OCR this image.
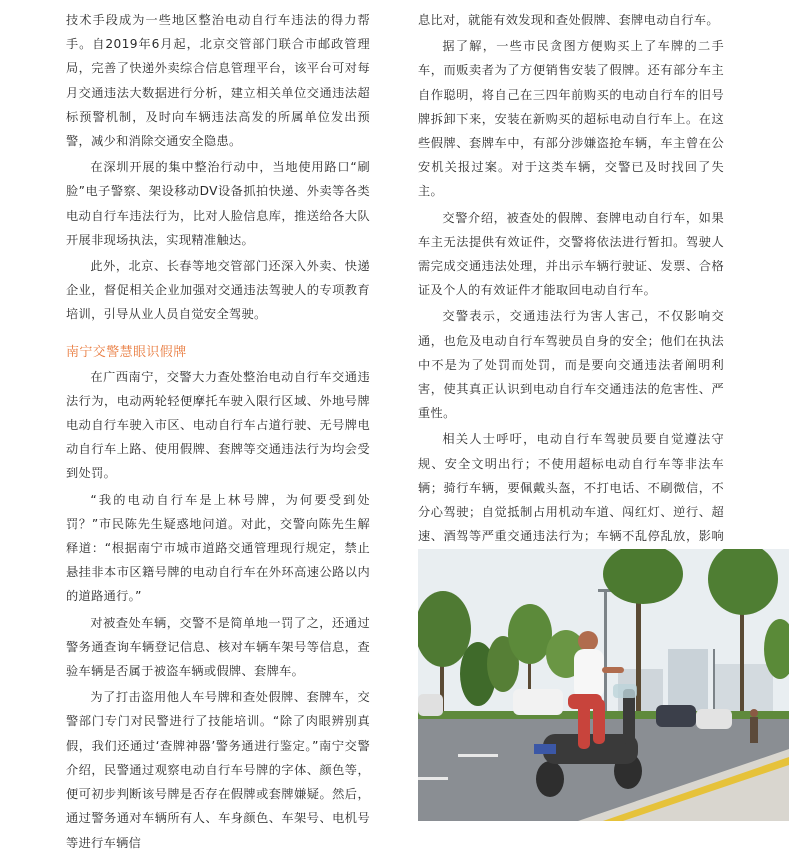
技术手段成为一些地区整治电动自行车违法的得力帮手。自2019年6月起，北京交管部门联合市邮政管理局，完善了快递外卖综合信息管理平台，该平台可对每月交通违法大数据进行分析，建立相关单位交通违法超标预警机制，及时向车辆违法高发的所属单位发出预警，减少和消除交通安全隐患。

在深圳开展的集中整治行动中，当地使用路口“刷脸”电子警察、架设移动DV设备抓拍快递、外卖等各类电动自行车违法行为，比对人脸信息库，推送给各大队开展非现场执法，实现精准触达。

此外，北京、长春等地交管部门还深入外卖、快递企业，督促相关企业加强对交通违法驾驶人的专项教育培训，引导从业人员自觉安全驾驶。

南宁交警慧眼识假牌

在广西南宁，交警大力查处整治电动自行车交通违法行为，电动两轮轻便摩托车驶入限行区域、外地号牌电动自行车驶入市区、电动自行车占道行驶、无号牌电动自行车上路、使用假牌、套牌等交通违法行为均会受到处罚。

“我的电动自行车是上林号牌，为何要受到处罚？”市民陈先生疑惑地问道。对此，交警向陈先生解释道：“根据南宁市城市道路交通管理现行规定，禁止悬挂非本市区籍号牌的电动自行车在外环高速公路以内的道路通行。”

对被查处车辆，交警不是简单地一罚了之，还通过警务通查询车辆登记信息、核对车辆车架号等信息，查验车辆是否属于被盗车辆或假牌、套牌车。

为了打击盗用他人车号牌和查处假牌、套牌车，交警部门专门对民警进行了技能培训。“除了肉眼辨别真假，我们还通过‘查牌神器’警务通进行鉴定。”南宁交警介绍，民警通过观察电动自行车号牌的字体、颜色等，便可初步判断该号牌是否存在假牌或套牌嫌疑。然后，通过警务通对车辆所有人、车身颜色、车架号、电机号等进行车辆信

息比对，就能有效发现和查处假牌、套牌电动自行车。

据了解，一些市民贪图方便购买上了车牌的二手车，而贩卖者为了方便销售安装了假牌。还有部分车主自作聪明，将自己在三四年前购买的电动自行车的旧号牌拆卸下来，安装在新购买的超标电动自行车上。在这些假牌、套牌车中，有部分涉嫌盗抢车辆，车主曾在公安机关报过案。对于这类车辆，交警已及时找回了失主。

交警介绍，被查处的假牌、套牌电动自行车，如果车主无法提供有效证件，交警将依法进行暂扣。驾驶人需完成交通违法处理，并出示车辆行驶证、发票、合格证及个人的有效证件才能取回电动自行车。

交警表示，交通违法行为害人害己，不仅影响交通，也危及电动自行车驾驶员自身的安全；他们在执法中不是为了处罚而处罚，而是要向交通违法者阐明利害，使其真正认识到电动自行车交通违法的危害性、严重性。

相关人士呼吁，电动自行车驾驶员要自觉遵法守规、安全文明出行；不使用超标电动自行车等非法车辆；骑行车辆，要佩戴头盔，不打电话、不刷微信，不分心驾驶；自觉抵制占用机动车道、闯红灯、逆行、超速、酒驾等严重交通违法行为；车辆不乱停乱放，影响
